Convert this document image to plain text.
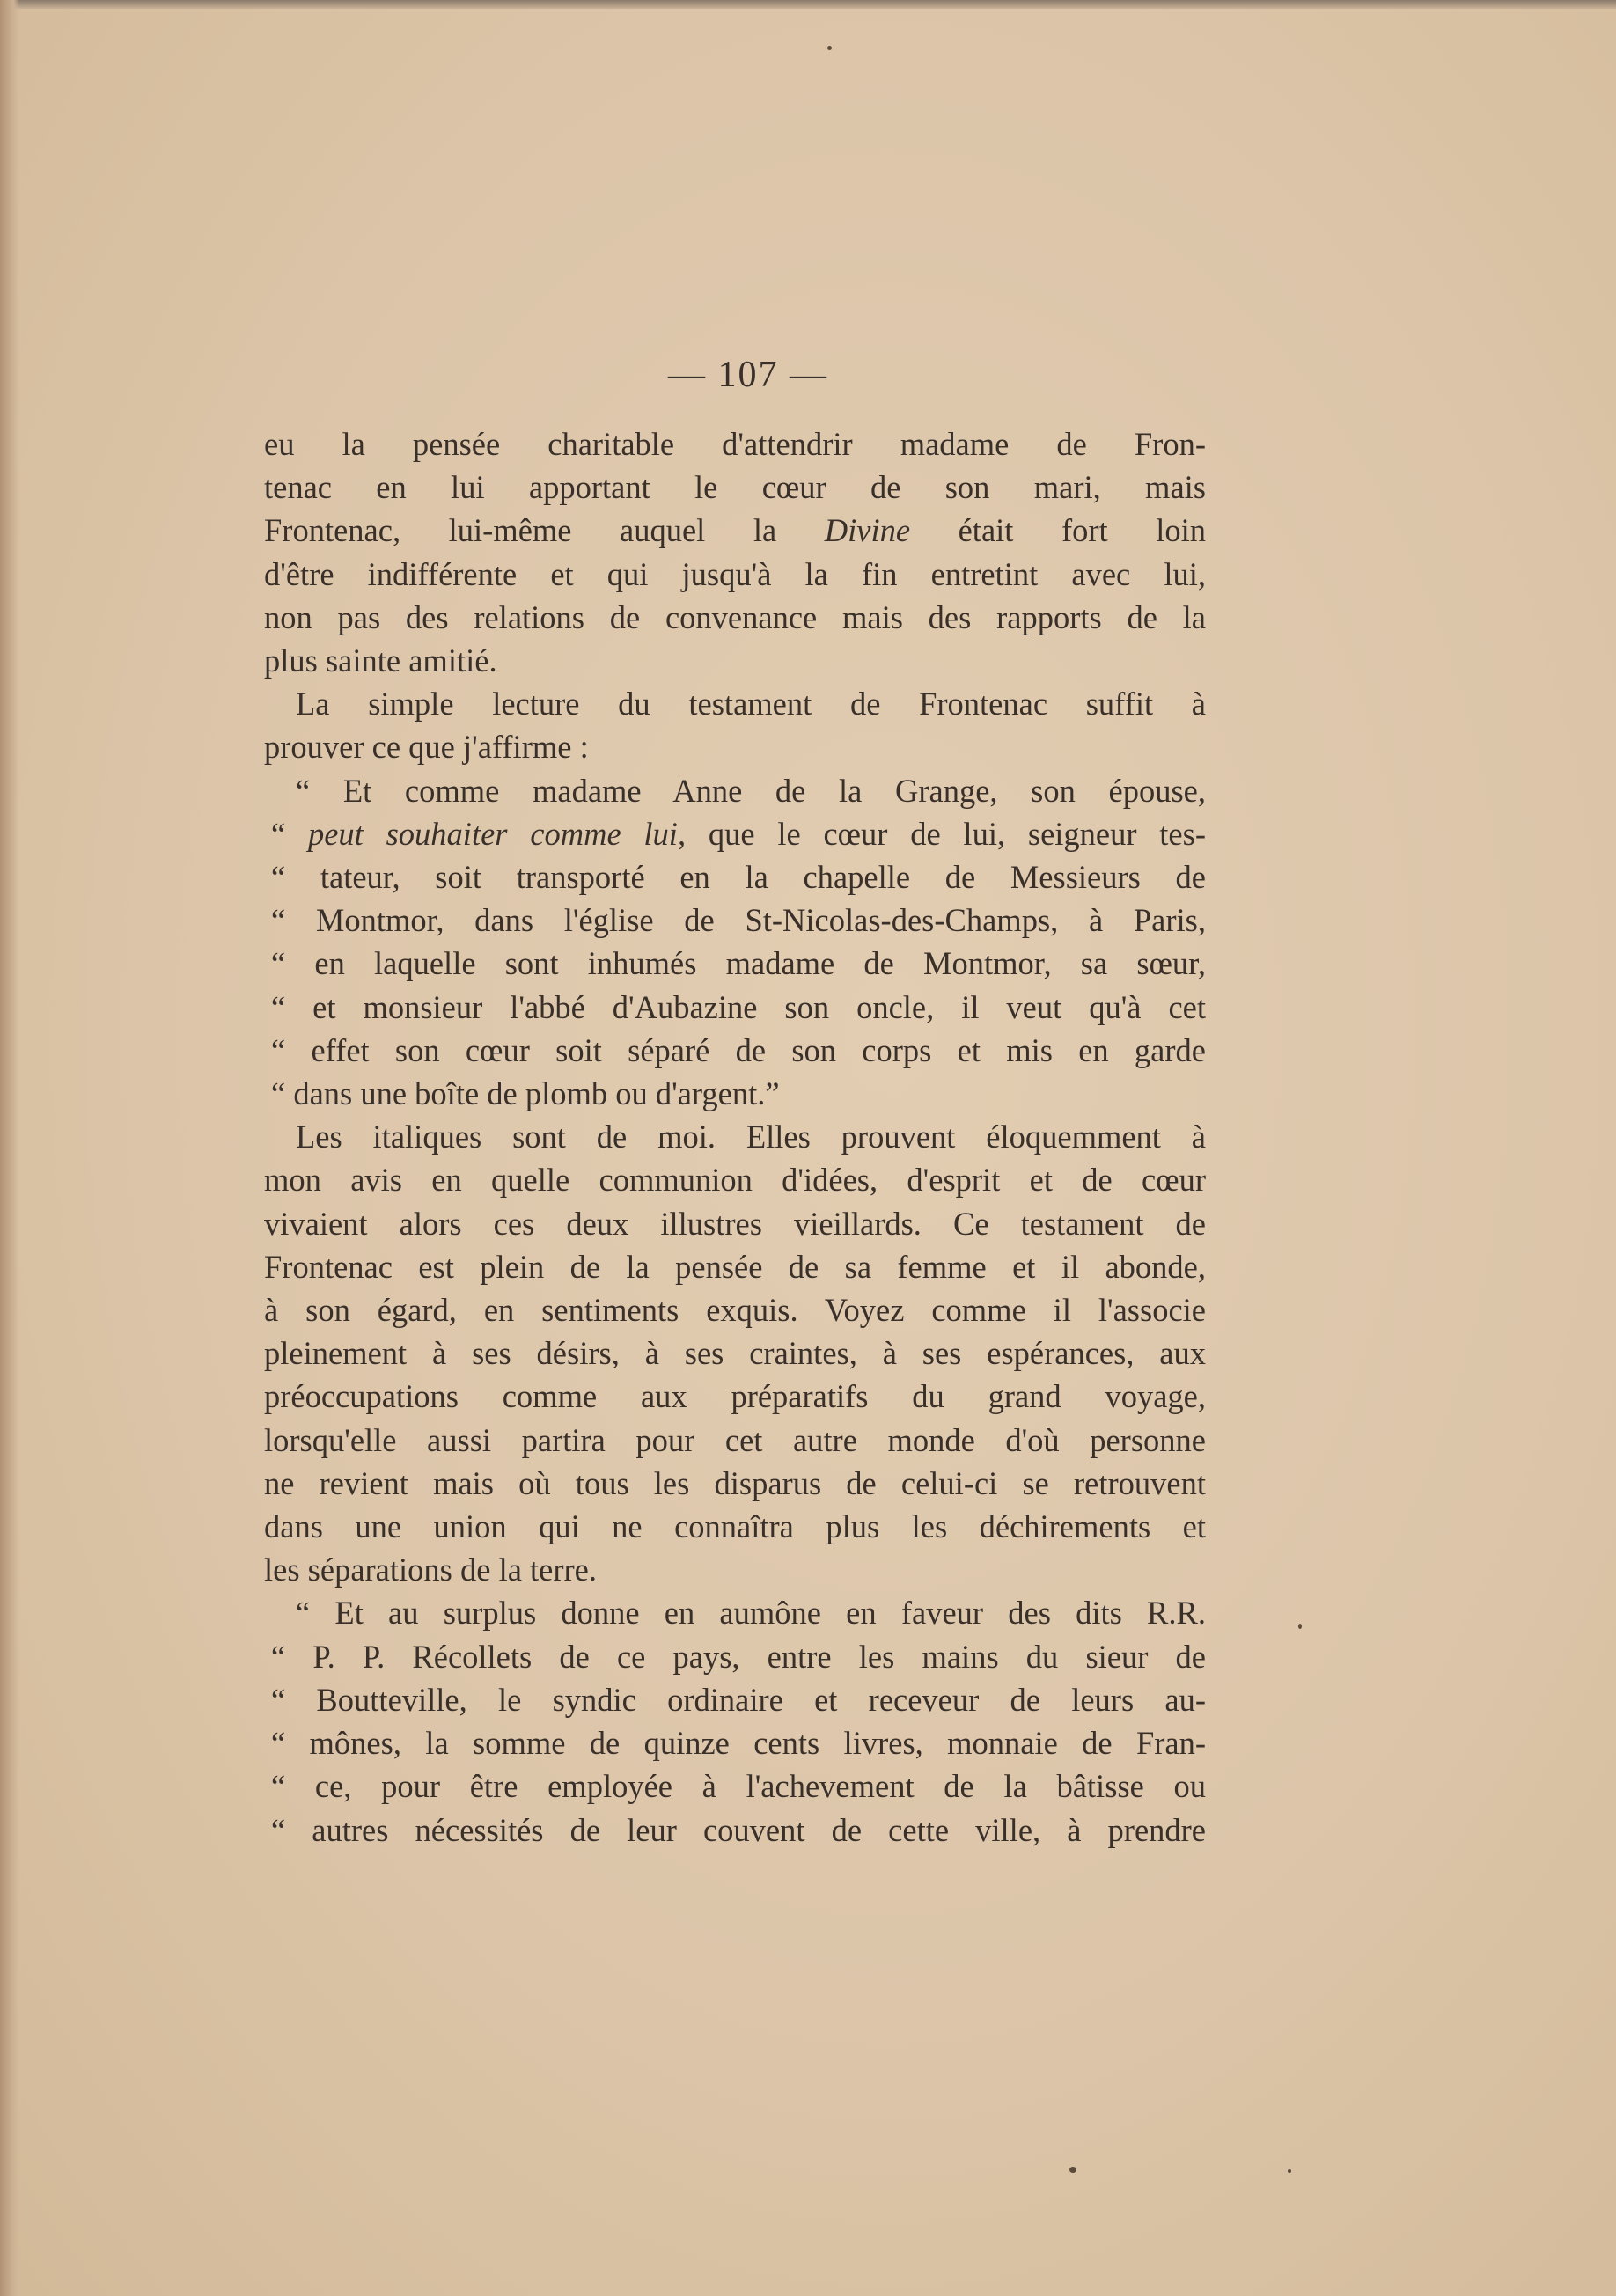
— 107 —
eu la pensée charitable d'attendrir madame de Fron-
tenac en lui apportant le cœur de son mari, mais
Frontenac, lui-même auquel la Divine était fort loin
d'être indifférente et qui jusqu'à la fin entretint avec lui,
non pas des relations de convenance mais des rapports de la
plus sainte amitié.
La simple lecture du testament de Frontenac suffit à
prouver ce que j'affirme :
“ Et comme madame Anne de la Grange, son épouse,
“ peut souhaiter comme lui, que le cœur de lui, seigneur tes-
“ tateur, soit transporté en la chapelle de Messieurs de
“ Montmor, dans l'église de St-Nicolas-des-Champs, à Paris,
“ en laquelle sont inhumés madame de Montmor, sa sœur,
“ et monsieur l'abbé d'Aubazine son oncle, il veut qu'à cet
“ effet son cœur soit séparé de son corps et mis en garde
“ dans une boîte de plomb ou d'argent.”
Les italiques sont de moi. Elles prouvent éloquemment à
mon avis en quelle communion d'idées, d'esprit et de cœur
vivaient alors ces deux illustres vieillards. Ce testament de
Frontenac est plein de la pensée de sa femme et il abonde,
à son égard, en sentiments exquis. Voyez comme il l'associe
pleinement à ses désirs, à ses craintes, à ses espérances, aux
préoccupations comme aux préparatifs du grand voyage,
lorsqu'elle aussi partira pour cet autre monde d'où personne
ne revient mais où tous les disparus de celui-ci se retrouvent
dans une union qui ne connaîtra plus les déchirements et
les séparations de la terre.
“ Et au surplus donne en aumône en faveur des dits R.R.
“ P. P. Récollets de ce pays, entre les mains du sieur de
“ Boutteville, le syndic ordinaire et receveur de leurs au-
“ mônes, la somme de quinze cents livres, monnaie de Fran-
“ ce, pour être employée à l'achevement de la bâtisse ou
“ autres nécessités de leur couvent de cette ville, à prendre
